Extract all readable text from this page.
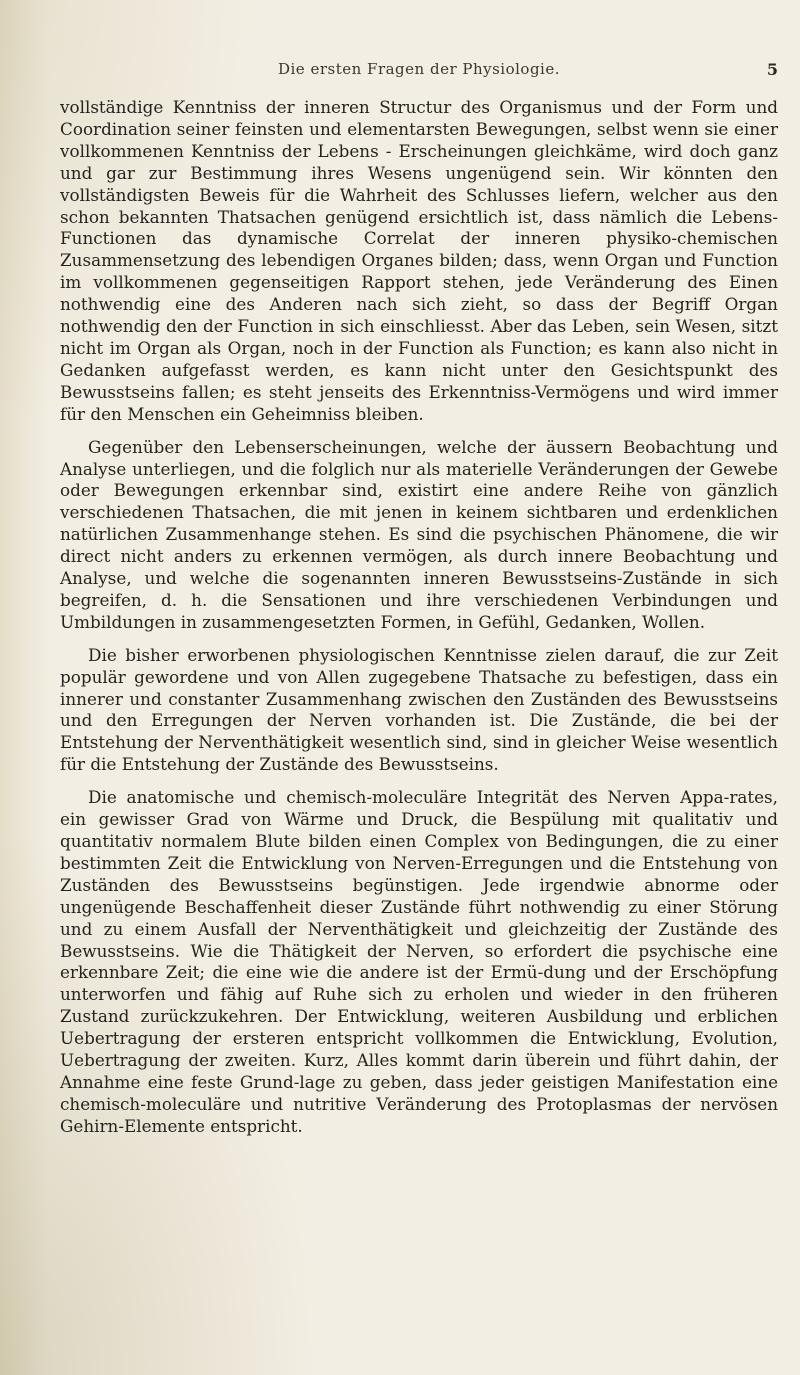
Die ersten Fragen der Physiologie.	5

vollständige Kenntniss der inneren Structur des Organismus und der Form und Coordination seiner feinsten und elementarsten Bewegungen, selbst wenn sie einer vollkommenen Kenntniss der Lebens - Erscheinungen gleichkäme, wird doch ganz und gar zur Bestimmung ihres Wesens ungenügend sein. Wir könnten den vollständigsten Beweis für die Wahrheit des Schlusses liefern, welcher aus den schon bekannten Thatsachen genügend ersichtlich ist, dass nämlich die Lebens-Functionen das dynamische Correlat der inneren physiko-chemischen Zusammensetzung des lebendigen Organes bilden; dass, wenn Organ und Function im vollkommenen gegenseitigen Rapport stehen, jede Veränderung des Einen nothwendig eine des Anderen nach sich zieht, so dass der Begriff Organ nothwendig den der Function in sich einschliesst. Aber das Leben, sein Wesen, sitzt nicht im Organ als Organ, noch in der Function als Function; es kann also nicht in Gedanken aufgefasst werden, es kann nicht unter den Gesichtspunkt des Bewusstseins fallen; es steht jenseits des Erkenntniss-Vermögens und wird immer für den Menschen ein Geheimniss bleiben.

Gegenüber den Lebenserscheinungen, welche der äussern Beobachtung und Analyse unterliegen, und die folglich nur als materielle Veränderungen der Gewebe oder Bewegungen erkennbar sind, existirt eine andere Reihe von gänzlich verschiedenen Thatsachen, die mit jenen in keinem sichtbaren und erdenklichen natürlichen Zusammenhange stehen. Es sind die psychischen Phänomene, die wir direct nicht anders zu erkennen vermögen, als durch innere Beobachtung und Analyse, und welche die sogenannten inneren Bewusstseins-Zustände in sich begreifen, d. h. die Sensationen und ihre verschiedenen Verbindungen und Umbildungen in zusammengesetzten Formen, in Gefühl, Gedanken, Wollen.

Die bisher erworbenen physiologischen Kenntnisse zielen darauf, die zur Zeit populär gewordene und von Allen zugegebene Thatsache zu befestigen, dass ein innerer und constanter Zusammenhang zwischen den Zuständen des Bewusstseins und den Erregungen der Nerven vorhanden ist. Die Zustände, die bei der Entstehung der Nerventhätigkeit wesentlich sind, sind in gleicher Weise wesentlich für die Entstehung der Zustände des Bewusstseins.

Die anatomische und chemisch-moleculäre Integrität des Nerven Appa-rates, ein gewisser Grad von Wärme und Druck, die Bespülung mit qualitativ und quantitativ normalem Blute bilden einen Complex von Bedingungen, die zu einer bestimmten Zeit die Entwicklung von Nerven-Erregungen und die Entstehung von Zuständen des Bewusstseins begünstigen. Jede irgendwie abnorme oder ungenügende Beschaffenheit dieser Zustände führt nothwendig zu einer Störung und zu einem Ausfall der Nerventhätigkeit und gleichzeitig der Zustände des Bewusstseins. Wie die Thätigkeit der Nerven, so erfordert die psychische eine erkennbare Zeit; die eine wie die andere ist der Ermü-dung und der Erschöpfung unterworfen und fähig auf Ruhe sich zu erholen und wieder in den früheren Zustand zurückzukehren. Der Entwicklung, weiteren Ausbildung und erblichen Uebertragung der ersteren entspricht vollkommen die Entwicklung, Evolution, Uebertragung der zweiten. Kurz, Alles kommt darin überein und führt dahin, der Annahme eine feste Grund-lage zu geben, dass jeder geistigen Manifestation eine chemisch-moleculäre und nutritive Veränderung des Protoplasmas der nervösen Gehirn-Elemente entspricht.
